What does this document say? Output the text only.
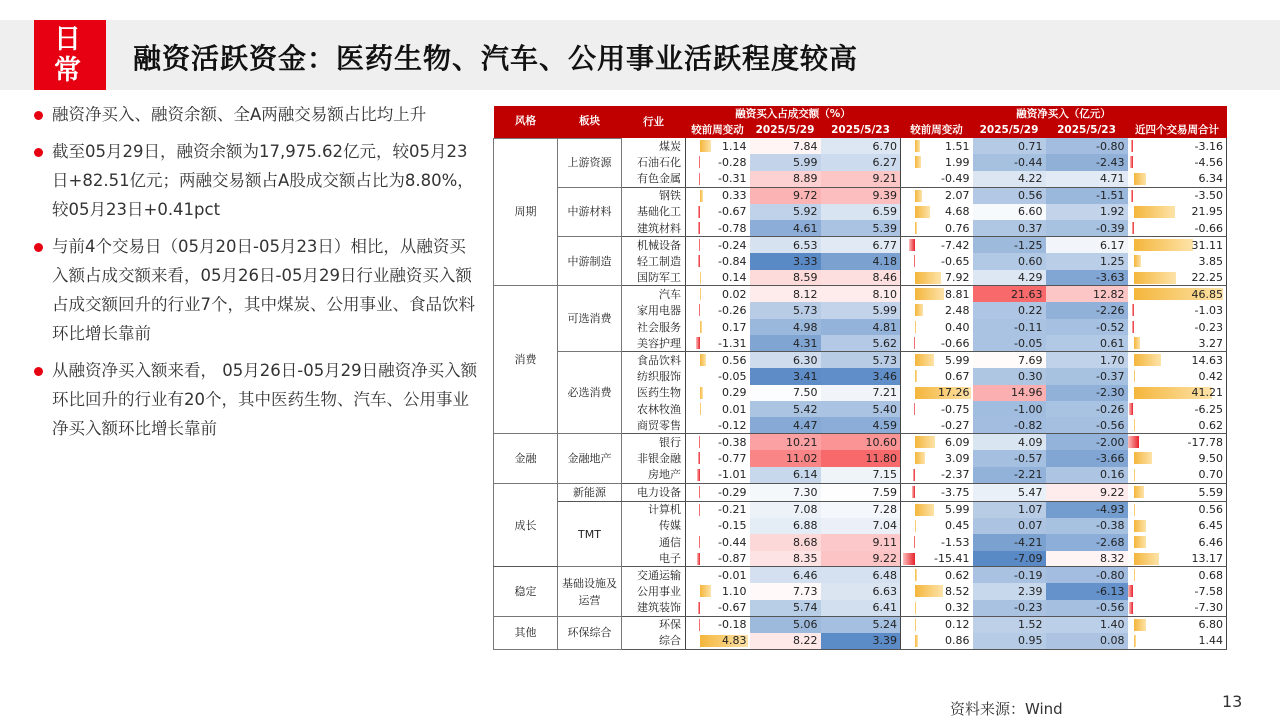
日
常	融资活跃资金：医药生物、汽车、公用事业活跃程度较高
融资净买入、融资余额、全A两融交易额占比均上升
截至05月29日，融资余额为17,975.62亿元，较05月23日+82.51亿元；两融交易额占A股成交额占比为8.80%，较05月23日+0.41pct
与前4个交易日（05月20日-05月23日）相比，从融资买入额占成交额来看，05月26日-05月29日行业融资买入额占成交额回升的行业7个，其中煤炭、公用事业、食品饮料环比增长靠前
从融资净买入额来看， 05月26日-05月29日融资净买入额环比回升的行业有20个，其中医药生物、汽车、公用事业净买入额环比增长靠前
风格	板块	行业	融资买入占成交额（%）			融资净买入（亿元）			
			较前周变动	2025/5/29	2025/5/23	较前周变动	2025/5/29	2025/5/23	近四个交易周合计
周期	上游资源	煤炭	1.14	7.84	6.70	1.51	0.71	-0.80	-3.16
		石油石化	-0.28	5.99	6.27	1.99	-0.44	-2.43	-4.56
		有色金属	-0.31	8.89	9.21	-0.49	4.22	4.71	6.34
	中游材料	钢铁	0.33	9.72	9.39	2.07	0.56	-1.51	-3.50
		基础化工	-0.67	5.92	6.59	4.68	6.60	1.92	21.95
		建筑材料	-0.78	4.61	5.39	0.76	0.37	-0.39	-0.66
	中游制造	机械设备	-0.24	6.53	6.77	-7.42	-1.25	6.17	31.11
		轻工制造	-0.84	3.33	4.18	-0.65	0.60	1.25	3.85
		国防军工	0.14	8.59	8.46	7.92	4.29	-3.63	22.25
消费	可选消费	汽车	0.02	8.12	8.10	8.81	21.63	12.82	46.85
		家用电器	-0.26	5.73	5.99	2.48	0.22	-2.26	-1.03
		社会服务	0.17	4.98	4.81	0.40	-0.11	-0.52	-0.23
		美容护理	-1.31	4.31	5.62	-0.66	-0.05	0.61	3.27
	必选消费	食品饮料	0.56	6.30	5.73	5.99	7.69	1.70	14.63
		纺织服饰	-0.05	3.41	3.46	0.67	0.30	-0.37	0.42
		医药生物	0.29	7.50	7.21	17.26	14.96	-2.30	41.21
		农林牧渔	0.01	5.42	5.40	-0.75	-1.00	-0.26	-6.25
		商贸零售	-0.12	4.47	4.59	-0.27	-0.82	-0.56	0.62
金融	金融地产	银行	-0.38	10.21	10.60	6.09	4.09	-2.00	-17.78
		非银金融	-0.77	11.02	11.80	3.09	-0.57	-3.66	9.50
		房地产	-1.01	6.14	7.15	-2.37	-2.21	0.16	0.70
成长	新能源	电力设备	-0.29	7.30	7.59	-3.75	5.47	9.22	5.59
	TMT	计算机	-0.21	7.08	7.28	5.99	1.07	-4.93	0.56
		传媒	-0.15	6.88	7.04	0.45	0.07	-0.38	6.45
		通信	-0.44	8.68	9.11	-1.53	-4.21	-2.68	6.46
		电子	-0.87	8.35	9.22	-15.41	-7.09	8.32	13.17
稳定	基础设施及运营	交通运输	-0.01	6.46	6.48	0.62	-0.19	-0.80	0.68
		公用事业	1.10	7.73	6.63	8.52	2.39	-6.13	-7.58
		建筑装饰	-0.67	5.74	6.41	0.32	-0.23	-0.56	-7.30
其他	环保综合	环保	-0.18	5.06	5.24	0.12	1.52	1.40	6.80
		综合	4.83	8.22	3.39	0.86	0.95	0.08	1.44
资料来源：Wind	13
